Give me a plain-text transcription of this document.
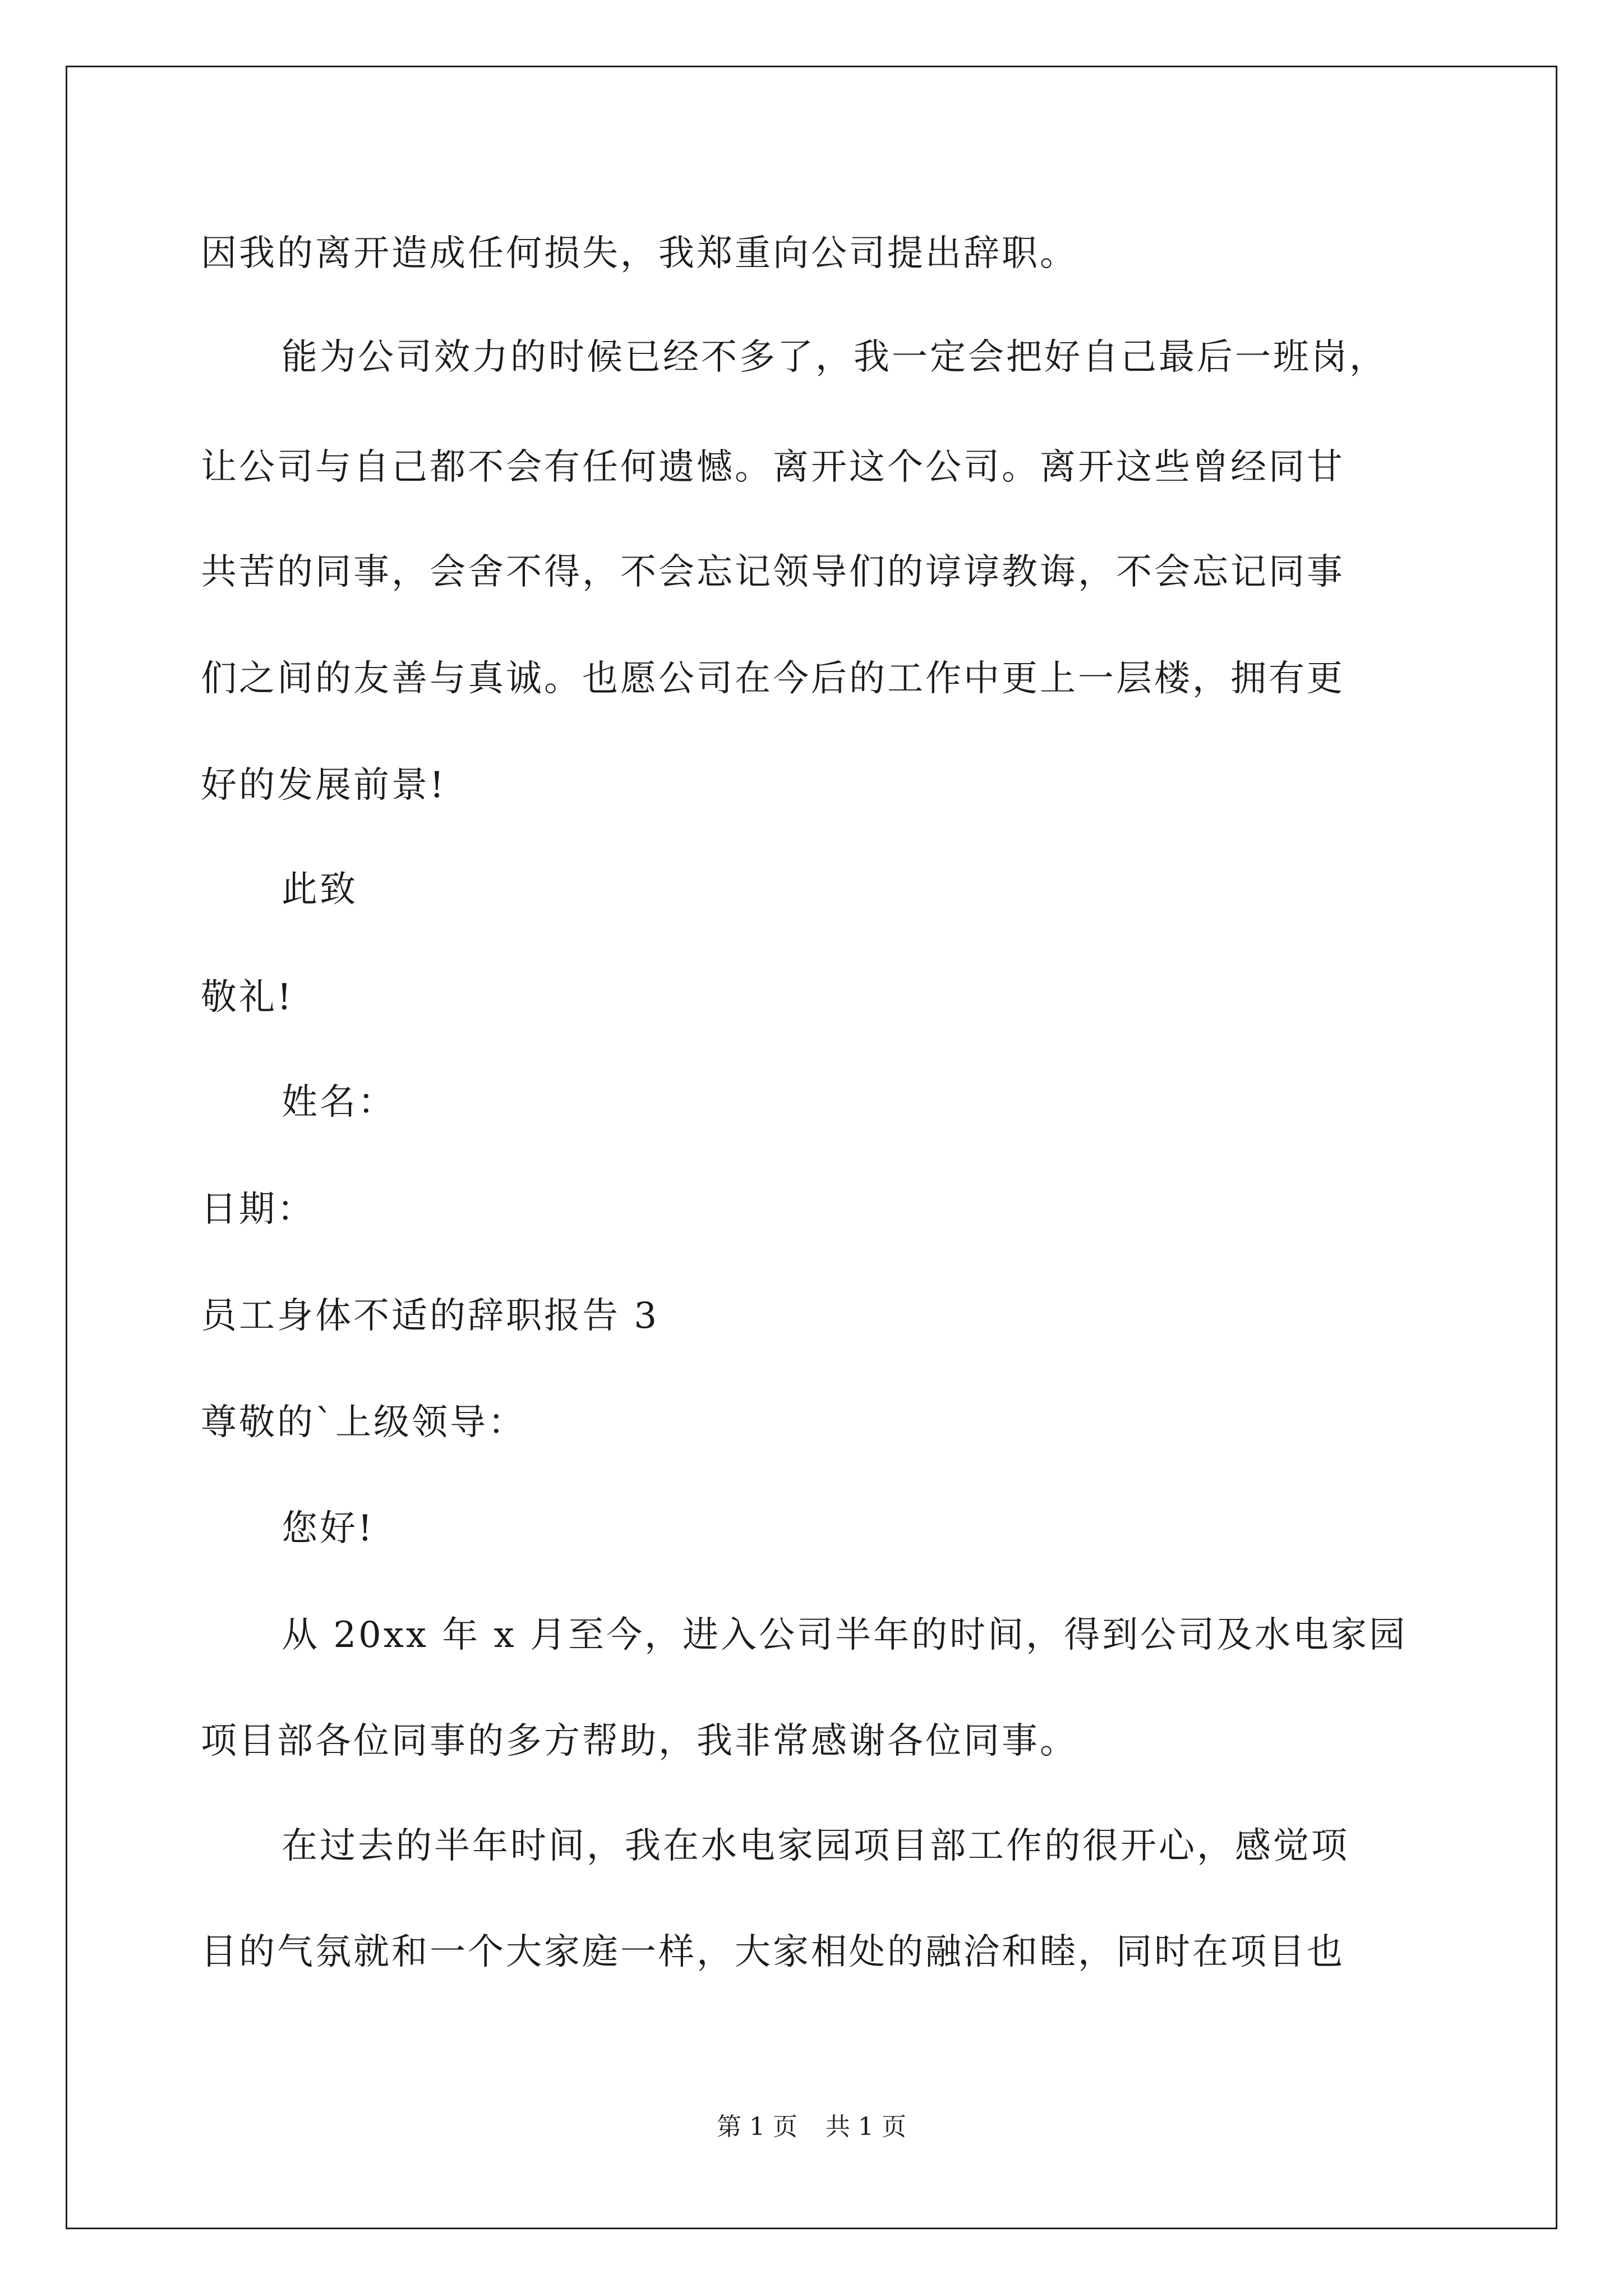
因我的离开造成任何损失，我郑重向公司提出辞职。
能为公司效力的时候已经不多了，我一定会把好自己最后一班岗，
让公司与自己都不会有任何遗憾。离开这个公司。离开这些曾经同甘
共苦的同事，会舍不得，不会忘记领导们的谆谆教诲，不会忘记同事
们之间的友善与真诚。也愿公司在今后的工作中更上一层楼，拥有更
好的发展前景!
此致
敬礼!
姓名：
日期：
员工身体不适的辞职报告 3
尊敬的`上级领导：
您好!
从 20xx 年 x 月至今，进入公司半年的时间，得到公司及水电家园
项目部各位同事的多方帮助，我非常感谢各位同事。
在过去的半年时间，我在水电家园项目部工作的很开心，感觉项
目的气氛就和一个大家庭一样，大家相处的融洽和睦，同时在项目也
第 1 页 共 1 页
